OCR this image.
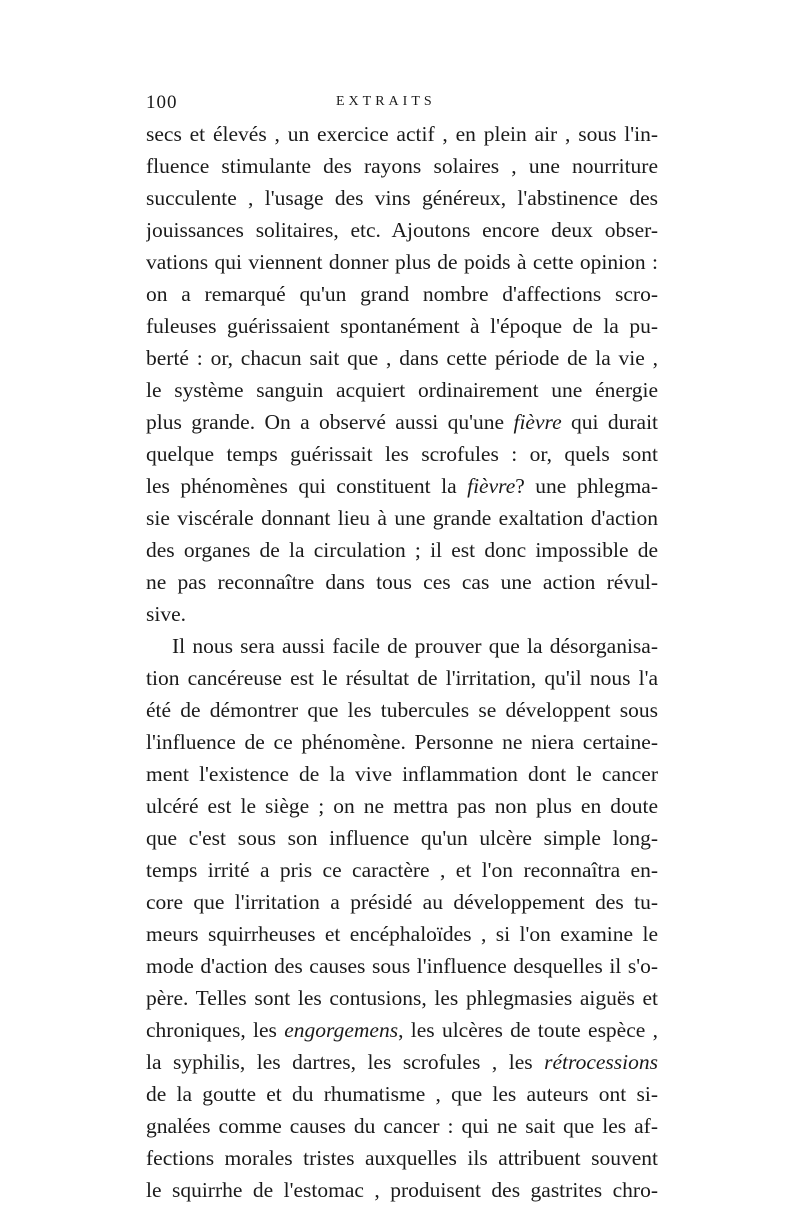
100	EXTRAITS
secs et élevés , un exercice actif , en plein air , sous l'in-
fluence stimulante des rayons solaires , une nourriture
succulente , l'usage des vins généreux, l'abstinence des
jouissances solitaires, etc. Ajoutons encore deux obser-
vations qui viennent donner plus de poids à cette opinion :
on a remarqué qu'un grand nombre d'affections scro-
fuleuses guérissaient spontanément à l'époque de la pu-
berté : or, chacun sait que , dans cette période de la vie ,
le système sanguin acquiert ordinairement une énergie
plus grande. On a observé aussi qu'une fièvre qui durait
quelque temps guérissait les scrofules : or, quels sont
les phénomènes qui constituent la fièvre? une phlegma-
sie viscérale donnant lieu à une grande exaltation d'action
des organes de la circulation ; il est donc impossible de
ne pas reconnaître dans tous ces cas une action révul-
sive.
Il nous sera aussi facile de prouver que la désorganisa-
tion cancéreuse est le résultat de l'irritation, qu'il nous l'a
été de démontrer que les tubercules se développent sous
l'influence de ce phénomène. Personne ne niera certaine-
ment l'existence de la vive inflammation dont le cancer
ulcéré est le siège ; on ne mettra pas non plus en doute
que c'est sous son influence qu'un ulcère simple long-
temps irrité a pris ce caractère , et l'on reconnaîtra en-
core que l'irritation a présidé au développement des tu-
meurs squirrheuses et encéphaloïdes , si l'on examine le
mode d'action des causes sous l'influence desquelles il s'o-
père. Telles sont les contusions, les phlegmasies aiguës et
chroniques, les engorgemens, les ulcères de toute espèce ,
la syphilis, les dartres, les scrofules , les rétrocessions
de la goutte et du rhumatisme , que les auteurs ont si-
gnalées comme causes du cancer : qui ne sait que les af-
fections morales tristes auxquelles ils attribuent souvent
le squirrhe de l'estomac , produisent des gastrites chro-
